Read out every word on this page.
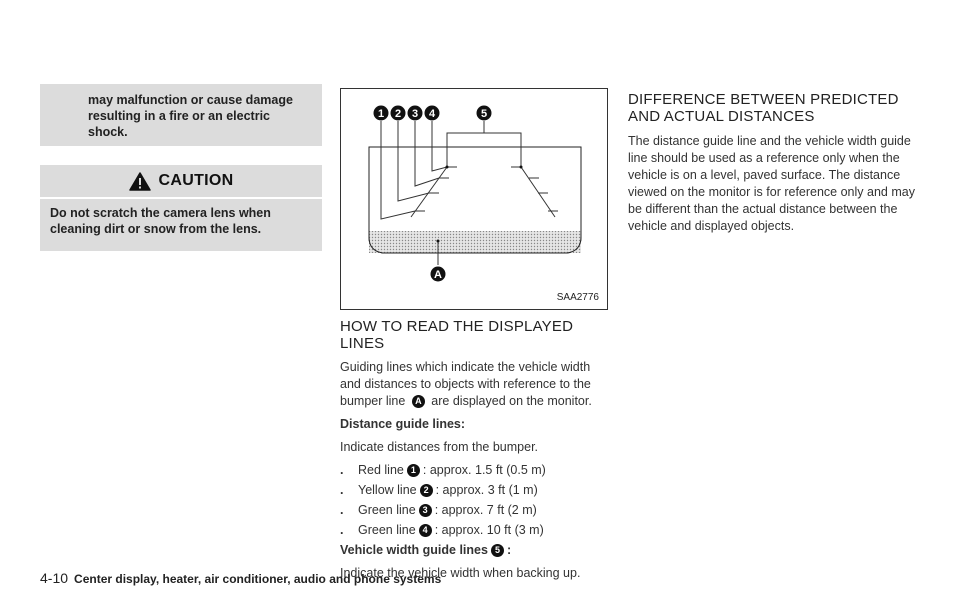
may malfunction or cause damage resulting in a fire or an electric shock.

CAUTION

Do not scratch the camera lens when cleaning dirt or snow from the lens.

1 2 3 4	5
A
SAA2776
HOW TO READ THE DISPLAYED LINES

Guiding lines which indicate the vehicle width and distances to objects with reference to the bumper line A are displayed on the monitor.

Distance guide lines:

Indicate distances from the bumper.

.	Red line 1 : approx. 1.5 ft (0.5 m)
.	Yellow line 2 : approx. 3 ft (1 m)
.	Green line 3 : approx. 7 ft (2 m)
.	Green line 4 : approx. 10 ft (3 m)
Vehicle width guide lines 5 :

Indicate the vehicle width when backing up.

DIFFERENCE BETWEEN PREDICTED AND ACTUAL DISTANCES

The distance guide line and the vehicle width guide line should be used as a reference only when the vehicle is on a level, paved surface. The distance viewed on the monitor is for reference only and may be different than the actual distance between the vehicle and displayed objects.

4-10 Center display, heater, air conditioner, audio and phone systems
